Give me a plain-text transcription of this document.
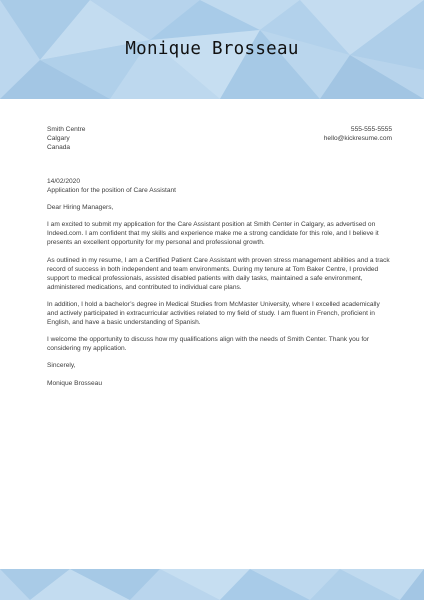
Monique Brosseau
Smith Centre
Calgary
Canada
555-555-5555
hello@kickresume.com

14/02/2020

Application for the position of Care Assistant

Dear Hiring Managers,

I am excited to submit my application for the Care Assistant position at Smith Center in Calgary, as advertised on Indeed.com. I am confident that my skills and experience make me a strong candidate for this role, and I believe it presents an excellent opportunity for my personal and professional growth.

As outlined in my resume, I am a Certified Patient Care Assistant with proven stress management abilities and a track record of success in both independent and team environments. During my tenure at Tom Baker Centre, I provided support to medical professionals, assisted disabled patients with daily tasks, maintained a safe environment, administered medications, and contributed to individual care plans.

In addition, I hold a bachelor’s degree in Medical Studies from McMaster University, where I excelled academically and actively participated in extracurricular activities related to my field of study. I am fluent in French, proficient in English, and have a basic understanding of Spanish.

I welcome the opportunity to discuss how my qualifications align with the needs of Smith Center. Thank you for considering my application.

Sincerely,

Monique Brosseau
